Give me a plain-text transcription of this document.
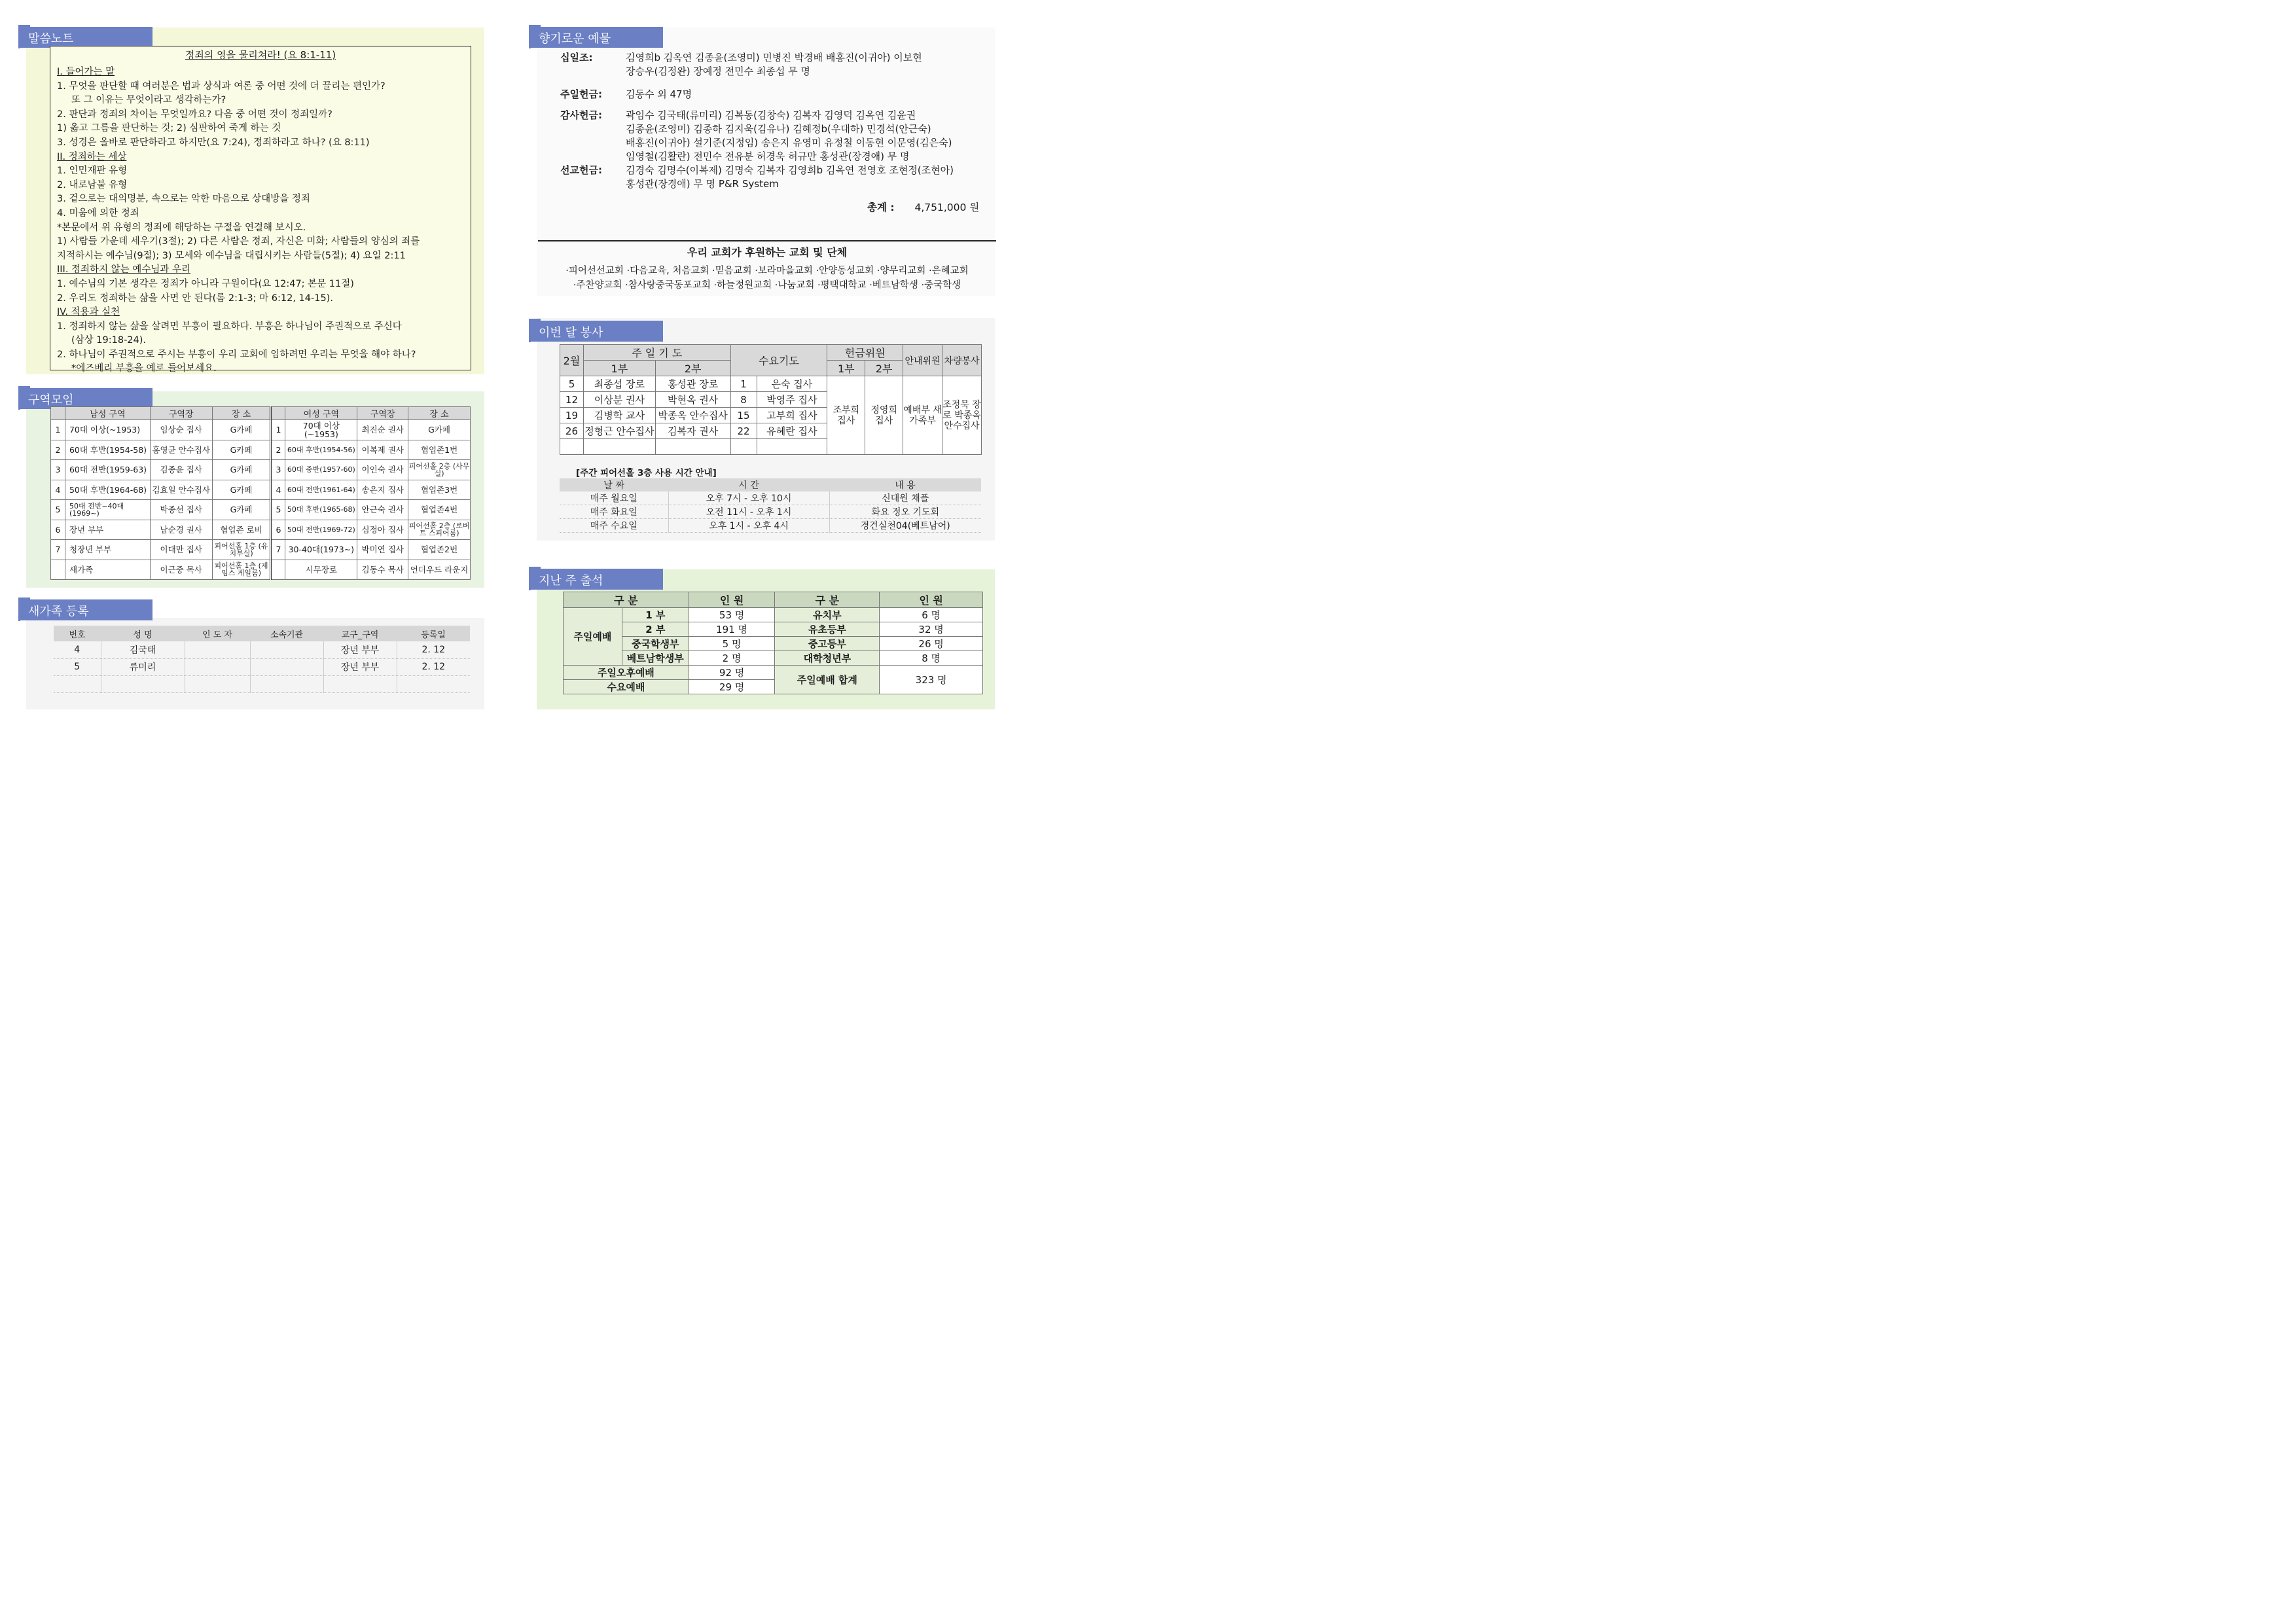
말씀노트
정죄의 영을 물리쳐라! (요 8:1-11)
I. 들어가는 말
1. 무엇을 판단할 때 여러분은 법과 상식과 여론 중 어떤 것에 더 끌리는 편인가?
또 그 이유는 무엇이라고 생각하는가?
2. 판단과 정죄의 차이는 무엇일까요? 다음 중 어떤 것이 정죄일까?
1) 옳고 그름을 판단하는 것; 2) 심판하여 죽게 하는 것
3. 성경은 올바로 판단하라고 하지만(요 7:24), 정죄하라고 하나? (요 8:11)
II. 정죄하는 세상
1. 인민재판 유형
2. 내로남불 유형
3. 겉으로는 대의명분, 속으로는 악한 마음으로 상대방을 정죄
4. 미움에 의한 정죄
*본문에서 위 유형의 정죄에 해당하는 구절을 연결해 보시오.
1) 사람들 가운데 세우기(3절); 2) 다른 사람은 정죄, 자신은 미화; 사람들의 양심의 죄를
지적하시는 예수님(9절); 3) 모세와 예수님을 대립시키는 사람들(5절); 4) 요일 2:11
III. 정죄하지 않는 예수님과 우리
1. 예수님의 기본 생각은 정죄가 아니라 구원이다(요 12:47; 본문 11절)
2. 우리도 정죄하는 삶을 사면 안 된다(롬 2:1-3; 마 6:12, 14-15).
IV. 적용과 실천
1. 정죄하지 않는 삶을 살려면 부흥이 필요하다. 부흥은 하나님이 주권적으로 주신다
(삼상 19:18-24).
2. 하나님이 주권적으로 주시는 부흥이 우리 교회에 임하려면 우리는 무엇을 해야 하나?
*에즈베리 부흥을 예로 들어보세요.
구역모임
	남성 구역	구역장	장 소		여성 구역	구역장	장 소
1	70대 이상(~1953)	임상순 집사	G카페	1	70대 이상 (~1953)	최진순 권사	G카페
2	60대 후반(1954-58)	홍영균 안수집사	G카페	2	60대 후반(1954-56)	이복제 권사	협업존1번
3	60대 전반(1959-63)	김종윤 집사	G카페	3	60대 중반(1957-60)	이인숙 권사	피어선홀 2층 (사무실)

4	50대 후반(1964-68)	김효일 안수집사	G카페	4	60대 전반(1961-64)	송은지 집사	협업존3번
5	50대 전반~40대 (1969~)	박종선 집사	G카페	5	50대 후반(1965-68)	안근숙 권사	협업존4번
6	장년 부부	남순경 권사	협업존 로비	6	50대 전반(1969-72)	심정아 집사	피어선홀 2층 (로버트 스피어룸)

7	청장년 부부	이대만 집사	피어선홀 1층 (유치부실)	7	30-40대(1973~)	박미연 집사	협업존2번
	새가족	이근중 목사	피어선홀 1층 (제임스 게일룸)		시무장로	김동수 목사	언더우드 라운지
새가족 등록
번호	성 명	인 도 자	소속기관	교구_구역	등록일
4	김국태			장년 부부	2. 12
5	류미리			장년 부부	2. 12

향기로운 예물
십일조:	김영희b 김옥연 김종윤(조영미) 민병진 박경배 배홍진(이귀아) 이보현
장승우(김정완) 장예정 전민수 최종섭 무 명
주일헌금:	김동수 외 47명
감사헌금:	곽임수 김국태(류미리) 김복동(김창숙) 김복자 김영덕 김옥연 김윤권
김종윤(조영미) 김종하 김지욱(김유나) 김혜정b(우대하) 민경석(안근숙)
배홍진(이귀아) 설기준(지정임) 송은지 유영미 유정철 이동현 이문영(김은숙)
임영철(김활란) 전민수 전유분 허경욱 허규만 홍성관(장경애) 무 명
선교헌금:	김경숙 김명수(이복제) 김명숙 김복자 김영희b 김옥연 전영호 조현정(조현아)
홍성관(장경애) 무 명 P&R System
총계 : 4,751,000 원
우리 교회가 후원하는 교회 및 단체
·피어선선교회 ·다음교육, 처음교회 ·믿음교회 ·보라마을교회 ·안양동성교회 ·양무리교회 ·은혜교회
·주찬양교회 ·참사랑중국동포교회 ·하늘정원교회 ·나눔교회 ·평택대학교 ·베트남학생 ·중국학생
이번 달 봉사
2월	주 일 기 도		수요기도		헌금위원		안내위원	차량봉사
	1부	2부			1부	2부		
5	최종섭 장로	홍성관 장로	1	은숙 집사	조부희 집사	정영희 집사	예배부 새가족부	조정묵 장로 박종옥 안수집사
12	이상분 권사	박현옥 권사	8	박영주 집사				
19	김병학 교사	박종옥 안수집사	15	고부희 집사				
26	정형근 안수집사	김복자 권사	22	유혜란 집사				

[주간 피어선홀 3층 사용 시간 안내]
날 짜	시 간	내 용
매주 월요일	오후 7시 - 오후 10시	신대원 채플
매주 화요일	오전 11시 - 오후 1시	화요 정오 기도회
매주 수요일	오후 1시 - 오후 4시	경건실천04(베트남어)
지난 주 출석
구 분		인 원	구 분	인 원
주일예배	1 부	53 명	유치부	6 명
	2 부	191 명	유초등부	32 명
	중국학생부	5 명	중고등부	26 명
	베트남학생부	2 명	대학청년부	8 명
주일오후예배		92 명	주일예배 합계	323 명
수요예배		29 명		
